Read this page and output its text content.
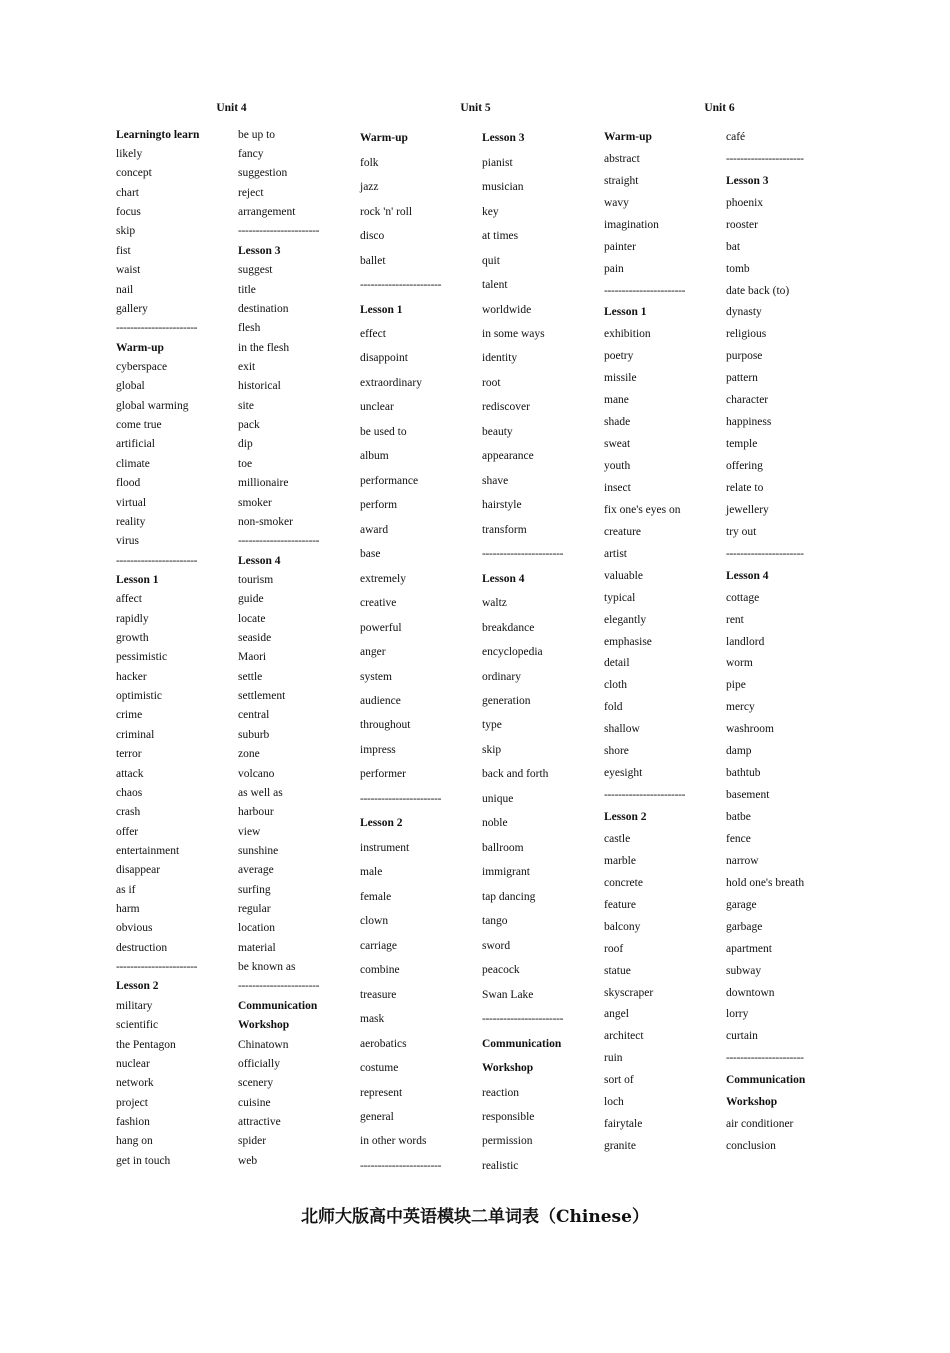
Unit 4
Learningto learn
likely
concept
chart
focus
skip
fist
waist
nail
gallery
-----------------------
Warm-up
cyberspace
global
global warming
come true
artificial
climate
flood
virtual
reality
virus
-----------------------
Lesson 1
affect
rapidly
growth
pessimistic
hacker
optimistic
crime
criminal
terror
attack
chaos
crash
offer
entertainment
disappear
as if
harm
obvious
destruction
-----------------------
Lesson 2
military
scientific
the Pentagon
nuclear
network
project
fashion
hang on
get in touch
be up to
fancy
suggestion
reject
arrangement
-----------------------
Lesson 3
suggest
title
destination
flesh
in the flesh
exit
historical
site
pack
dip
toe
millionaire
smoker
non-smoker
-----------------------
Lesson 4
tourism
guide
locate
seaside
Maori
settle
settlement
central
suburb
zone
volcano
as well as
harbour
view
sunshine
average
surfing
regular
location
material
be known as
-----------------------
Communication
Workshop
Chinatown
officially
scenery
cuisine
attractive
spider
web
Unit 5
Warm-up
folk
jazz
rock 'n' roll
disco
ballet
-----------------------
Lesson 1
effect
disappoint
extraordinary
unclear
be used to
album
performance
perform
award
base
extremely
creative
powerful
anger
system
audience
throughout
impress
performer
-----------------------
Lesson 2
instrument
male
female
clown
carriage
combine
treasure
mask
aerobatics
costume
represent
general
in other words
-----------------------
Lesson 3
pianist
musician
key
at times
quit
talent
worldwide
in some ways
identity
root
rediscover
beauty
appearance
shave
hairstyle
transform
-----------------------
Lesson 4
waltz
breakdance
encyclopedia
ordinary
generation
type
skip
back and forth
unique
noble
ballroom
immigrant
tap dancing
tango
sword
peacock
Swan Lake
-----------------------
Communication
Workshop
reaction
responsible
permission
realistic
Unit 6
Warm-up
abstract
straight
wavy
imagination
painter
pain
-----------------------
Lesson 1
exhibition
poetry
missile
mane
shade
sweat
youth
insect
fix one's eyes on
creature
artist
valuable
typical
elegantly
emphasise
detail
cloth
fold
shallow
shore
eyesight
-----------------------
Lesson 2
castle
marble
concrete
feature
balcony
roof
statue
skyscraper
angel
architect
ruin
sort of
loch
fairytale
granite
café
----------------------
Lesson 3
phoenix
rooster
bat
tomb
date back (to)
dynasty
religious
purpose
pattern
character
happiness
temple
offering
relate to
jewellery
try out
----------------------
Lesson 4
cottage
rent
landlord
worm
pipe
mercy
washroom
damp
bathtub
basement
batbe
fence
narrow
hold one's breath
garage
garbage
apartment
subway
downtown
lorry
curtain
----------------------
Communication
Workshop
air conditioner
conclusion
北师大版高中英语模块二单词表（Chinese）
